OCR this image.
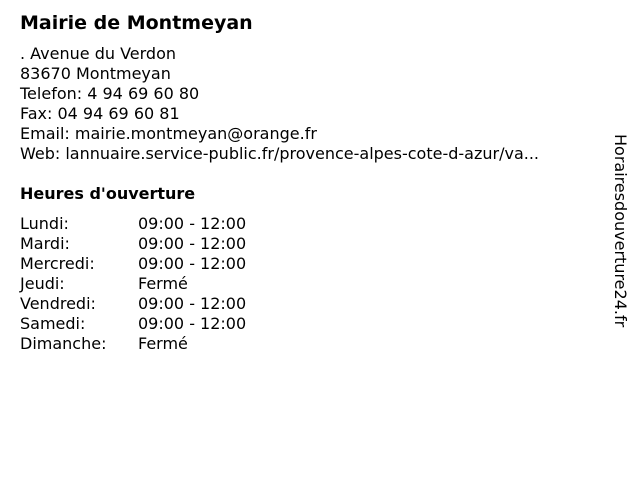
Mairie de Montmeyan
. Avenue du Verdon
83670 Montmeyan
Telefon: 4 94 69 60 80
Fax: 04 94 69 60 81
Email: mairie.montmeyan@orange.fr
Web: lannuaire.service-public.fr/provence-alpes-cote-d-azur/va...
Heures d'ouverture
Lundi:	09:00 - 12:00
Mardi:	09:00 - 12:00
Mercredi:	09:00 - 12:00
Jeudi:	Fermé
Vendredi:	09:00 - 12:00
Samedi:	09:00 - 12:00
Dimanche: Fermé
Horairesdouverture24.fr
